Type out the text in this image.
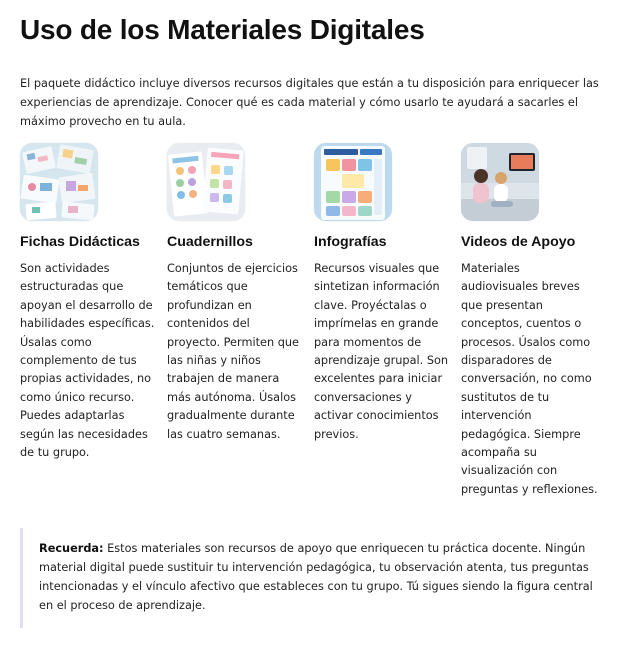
Uso de los Materiales Digitales

El paquete didáctico incluye diversos recursos digitales que están a tu disposición para enriquecer las experiencias de aprendizaje. Conocer qué es cada material y cómo usarlo te ayudará a sacarles el máximo provecho en tu aula.

Fichas Didácticas

Son actividades estructuradas que apoyan el desarrollo de habilidades específicas. Úsalas como complemento de tus propias actividades, no como único recurso. Puedes adaptarlas según las necesidades de tu grupo.

Cuadernillos

Conjuntos de ejercicios temáticos que profundizan en contenidos del proyecto. Permiten que las niñas y niños trabajen de manera más autónoma. Úsalos gradualmente durante las cuatro semanas.

Infografías

Recursos visuales que sintetizan información clave. Proyéctalas o imprímelas en grande para momentos de aprendizaje grupal. Son excelentes para iniciar conversaciones y activar conocimientos previos.

Videos de Apoyo

Materiales audiovisuales breves que presentan conceptos, cuentos o procesos. Úsalos como disparadores de conversación, no como sustitutos de tu intervención pedagógica. Siempre acompaña su visualización con preguntas y reflexiones.

Recuerda: Estos materiales son recursos de apoyo que enriquecen tu práctica docente. Ningún material digital puede sustituir tu intervención pedagógica, tu observación atenta, tus preguntas intencionadas y el vínculo afectivo que estableces con tu grupo. Tú sigues siendo la figura central en el proceso de aprendizaje.
